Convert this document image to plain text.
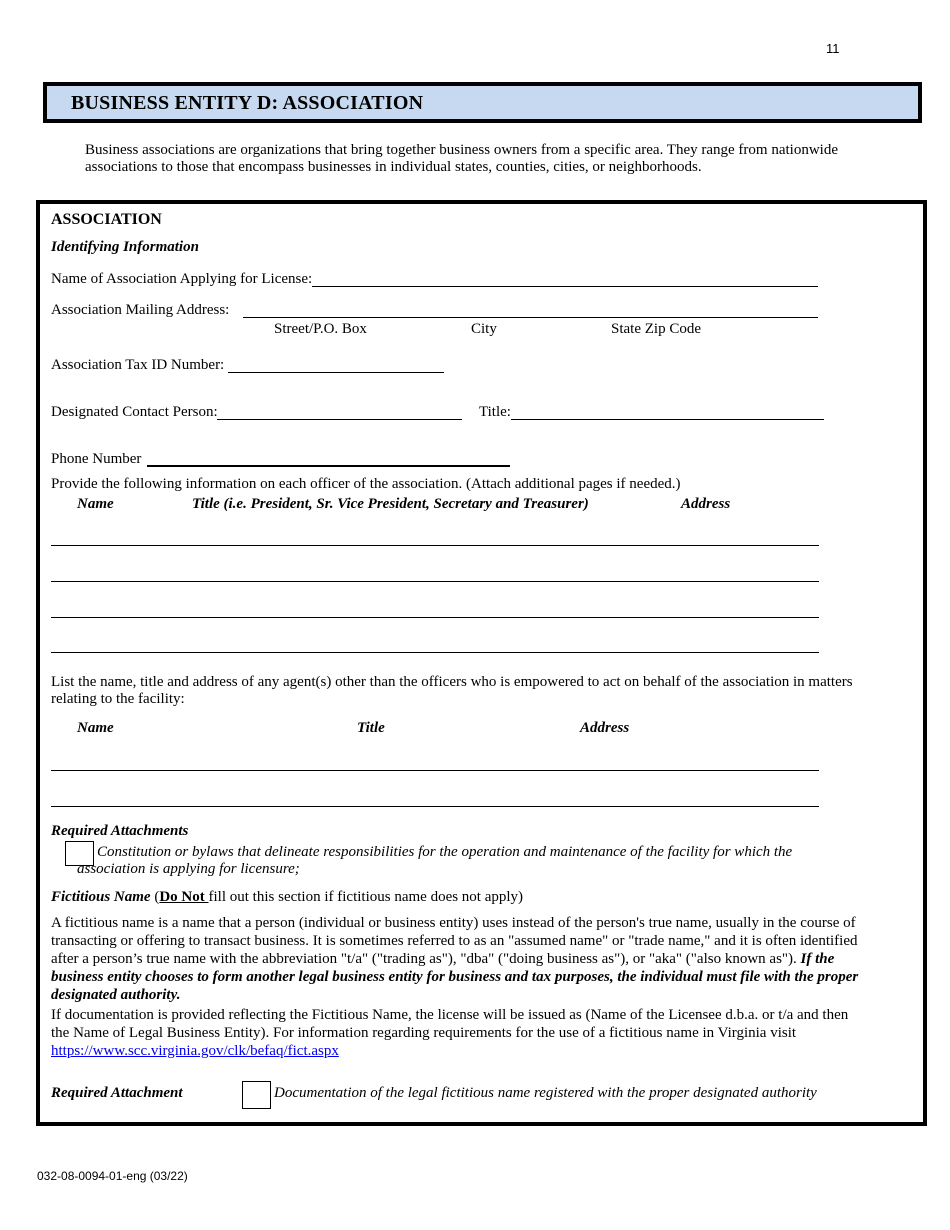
11
BUSINESS ENTITY D: ASSOCIATION
Business associations are organizations that bring together business owners from a specific area. They range from nationwide associations to those that encompass businesses in individual states, counties, cities, or neighborhoods.
ASSOCIATION
Identifying Information
Name of Association Applying for License:
Association Mailing Address:
Street/P.O. Box	City	State Zip Code
Association Tax ID Number:
Designated Contact Person:	Title:
Phone Number
Provide the following information on each officer of the association. (Attach additional pages if needed.)
Name	Title (i.e. President, Sr. Vice President, Secretary and Treasurer)	Address
List the name, title and address of any agent(s) other than the officers who is empowered to act on behalf of the association in matters relating to the facility:
Name	Title	Address
Required Attachments
Constitution or bylaws that delineate responsibilities for the operation and maintenance of the facility for which the association is applying for licensure;
Fictitious Name (Do Not fill out this section if fictitious name does not apply)
A fictitious name is a name that a person (individual or business entity) uses instead of the person's true name, usually in the course of transacting or offering to transact business. It is sometimes referred to as an "assumed name" or "trade name," and it is often identified after a person’s true name with the abbreviation "t/a" ("trading as"), "dba" ("doing business as"), or "aka" ("also known as"). If the business entity chooses to form another legal business entity for business and tax purposes, the individual must file with the proper designated authority.
If documentation is provided reflecting the Fictitious Name, the license will be issued as (Name of the Licensee d.b.a. or t/a and then the Name of Legal Business Entity). For information regarding requirements for the use of a fictitious name in Virginia visit
https://www.scc.virginia.gov/clk/befaq/fict.aspx
Required Attachment	Documentation of the legal fictitious name registered with the proper designated authority
032-08-0094-01-eng (03/22)
